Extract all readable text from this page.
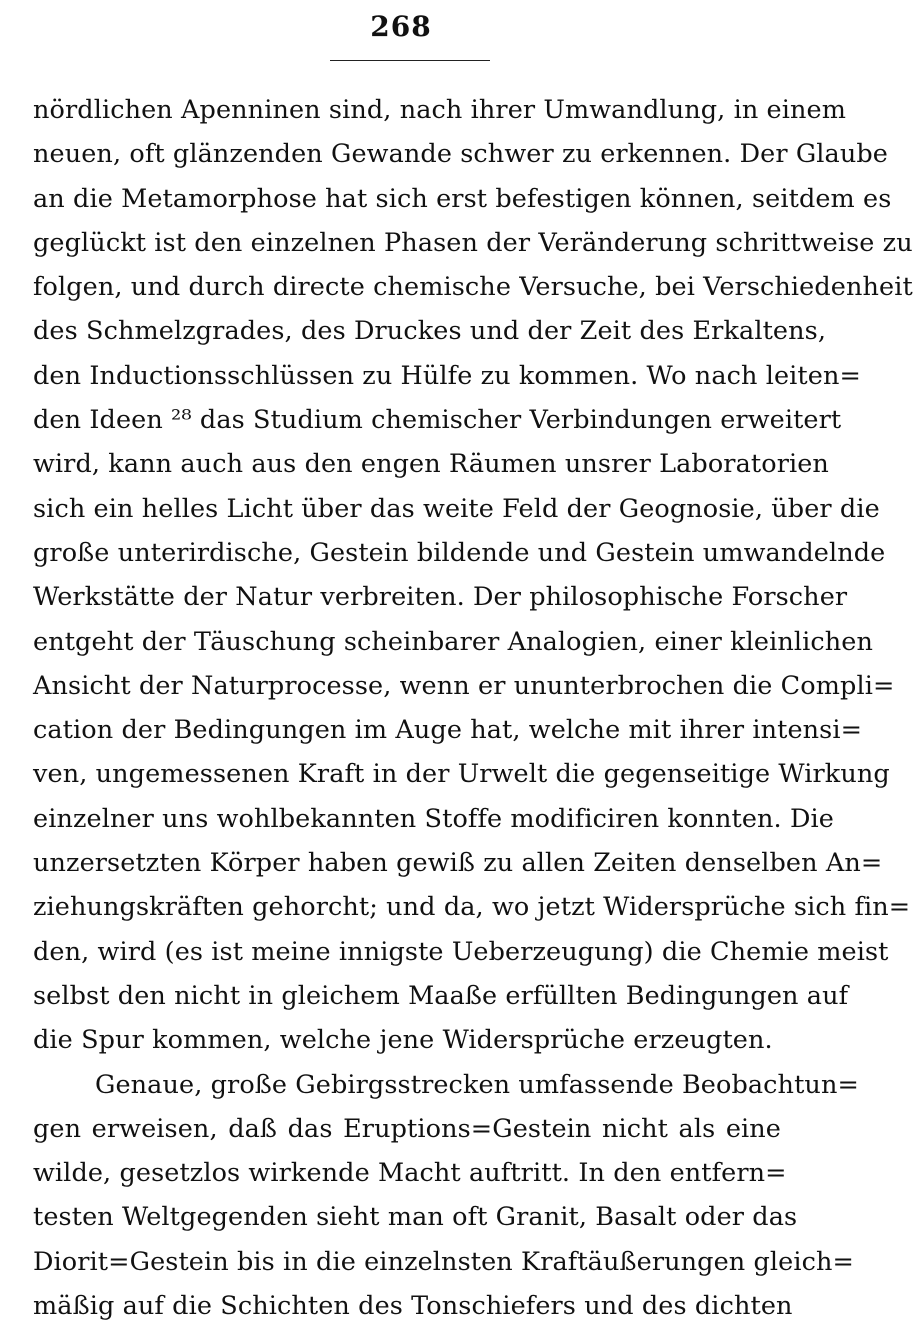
268
nördlichen Apenninen sind, nach ihrer Umwandlung, in einem
neuen, oft glänzenden Gewande schwer zu erkennen. Der Glaube
an die Metamorphose hat sich erst befestigen können, seitdem es
geglückt ist den einzelnen Phasen der Veränderung schrittweise zu
folgen, und durch directe chemische Versuche, bei Verschiedenheit
des Schmelzgrades, des Druckes und der Zeit des Erkaltens,
den Inductionsschlüssen zu Hülfe zu kommen. Wo nach leiten=
den Ideen ²⁸ das Studium chemischer Verbindungen erweitert
wird, kann auch aus den engen Räumen unsrer Laboratorien
sich ein helles Licht über das weite Feld der Geognosie, über die
große unterirdische, Gestein bildende und Gestein umwandelnde
Werkstätte der Natur verbreiten. Der philosophische Forscher
entgeht der Täuschung scheinbarer Analogien, einer kleinlichen
Ansicht der Naturprocesse, wenn er ununterbrochen die Compli=
cation der Bedingungen im Auge hat, welche mit ihrer intensi=
ven, ungemessenen Kraft in der Urwelt die gegenseitige Wirkung
einzelner uns wohlbekannten Stoffe modificiren konnten. Die
unzersetzten Körper haben gewiß zu allen Zeiten denselben An=
ziehungskräften gehorcht; und da, wo jetzt Widersprüche sich fin=
den, wird (es ist meine innigste Ueberzeugung) die Chemie meist
selbst den nicht in gleichem Maaße erfüllten Bedingungen auf
die Spur kommen, welche jene Widersprüche erzeugten.
Genaue, große Gebirgsstrecken umfassende Beobachtun=
gen erweisen, daß das Eruptions=Gestein nicht als eine
wilde, gesetzlos wirkende Macht auftritt. In den entfern=
testen Weltgegenden sieht man oft Granit, Basalt oder das
Diorit=Gestein bis in die einzelnsten Kraftäußerungen gleich=
mäßig auf die Schichten des Tonschiefers und des dichten
